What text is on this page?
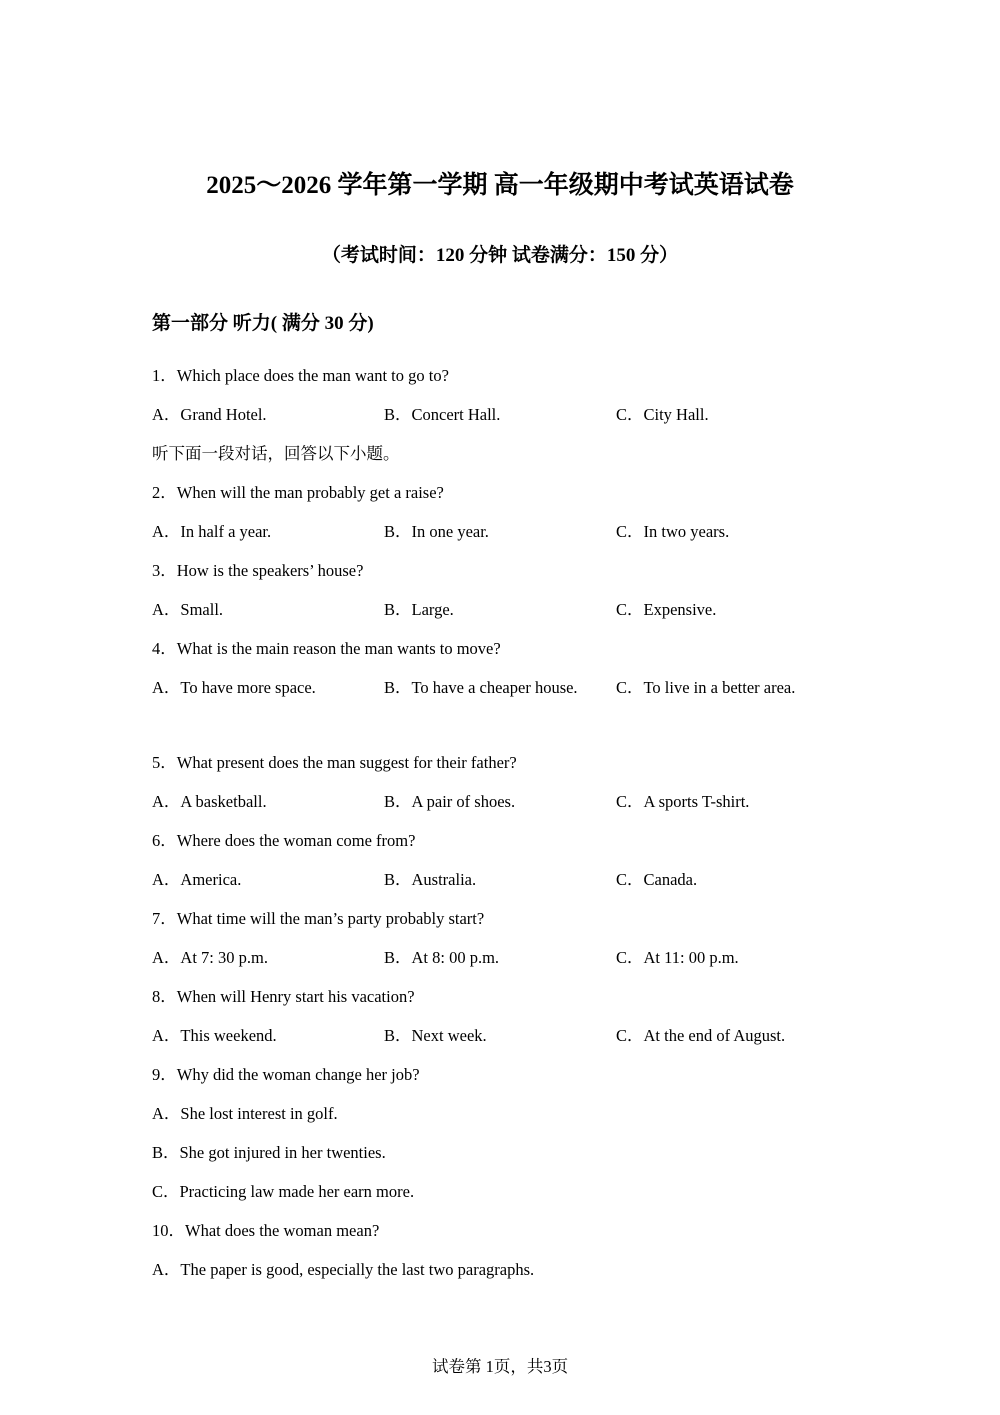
2025～2026 学年第一学期 高一年级期中考试英语试卷
（考试时间：120 分钟 试卷满分：150 分）
第一部分 听力( 满分 30 分)
1．Which place does the man want to go to?
A．Grand Hotel.	B．Concert Hall.	C．City Hall.
听下面一段对话，回答以下小题。
2．When will the man probably get a raise?
A．In half a year.	B．In one year.	C．In two years.
3．How is the speakers’ house?
A．Small.	B．Large.	C．Expensive.
4．What is the main reason the man wants to move?
A．To have more space.	B．To have a cheaper house. C．To live in a better area.
5．What present does the man suggest for their father?
A．A basketball.	B．A pair of shoes.	C．A sports T-shirt.
6．Where does the woman come from?
A．America.	B．Australia.	C．Canada.
7．What time will the man’s party probably start?
A．At 7: 30 p.m.	B．At 8: 00 p.m.	C．At 11: 00 p.m.
8．When will Henry start his vacation?
A．This weekend.	B．Next week.	C．At the end of August.
9．Why did the woman change her job?
A．She lost interest in golf.
B．She got injured in her twenties.
C．Practicing law made her earn more.
10．What does the woman mean?
A．The paper is good, especially the last two paragraphs.
试卷第 1页，共3页
